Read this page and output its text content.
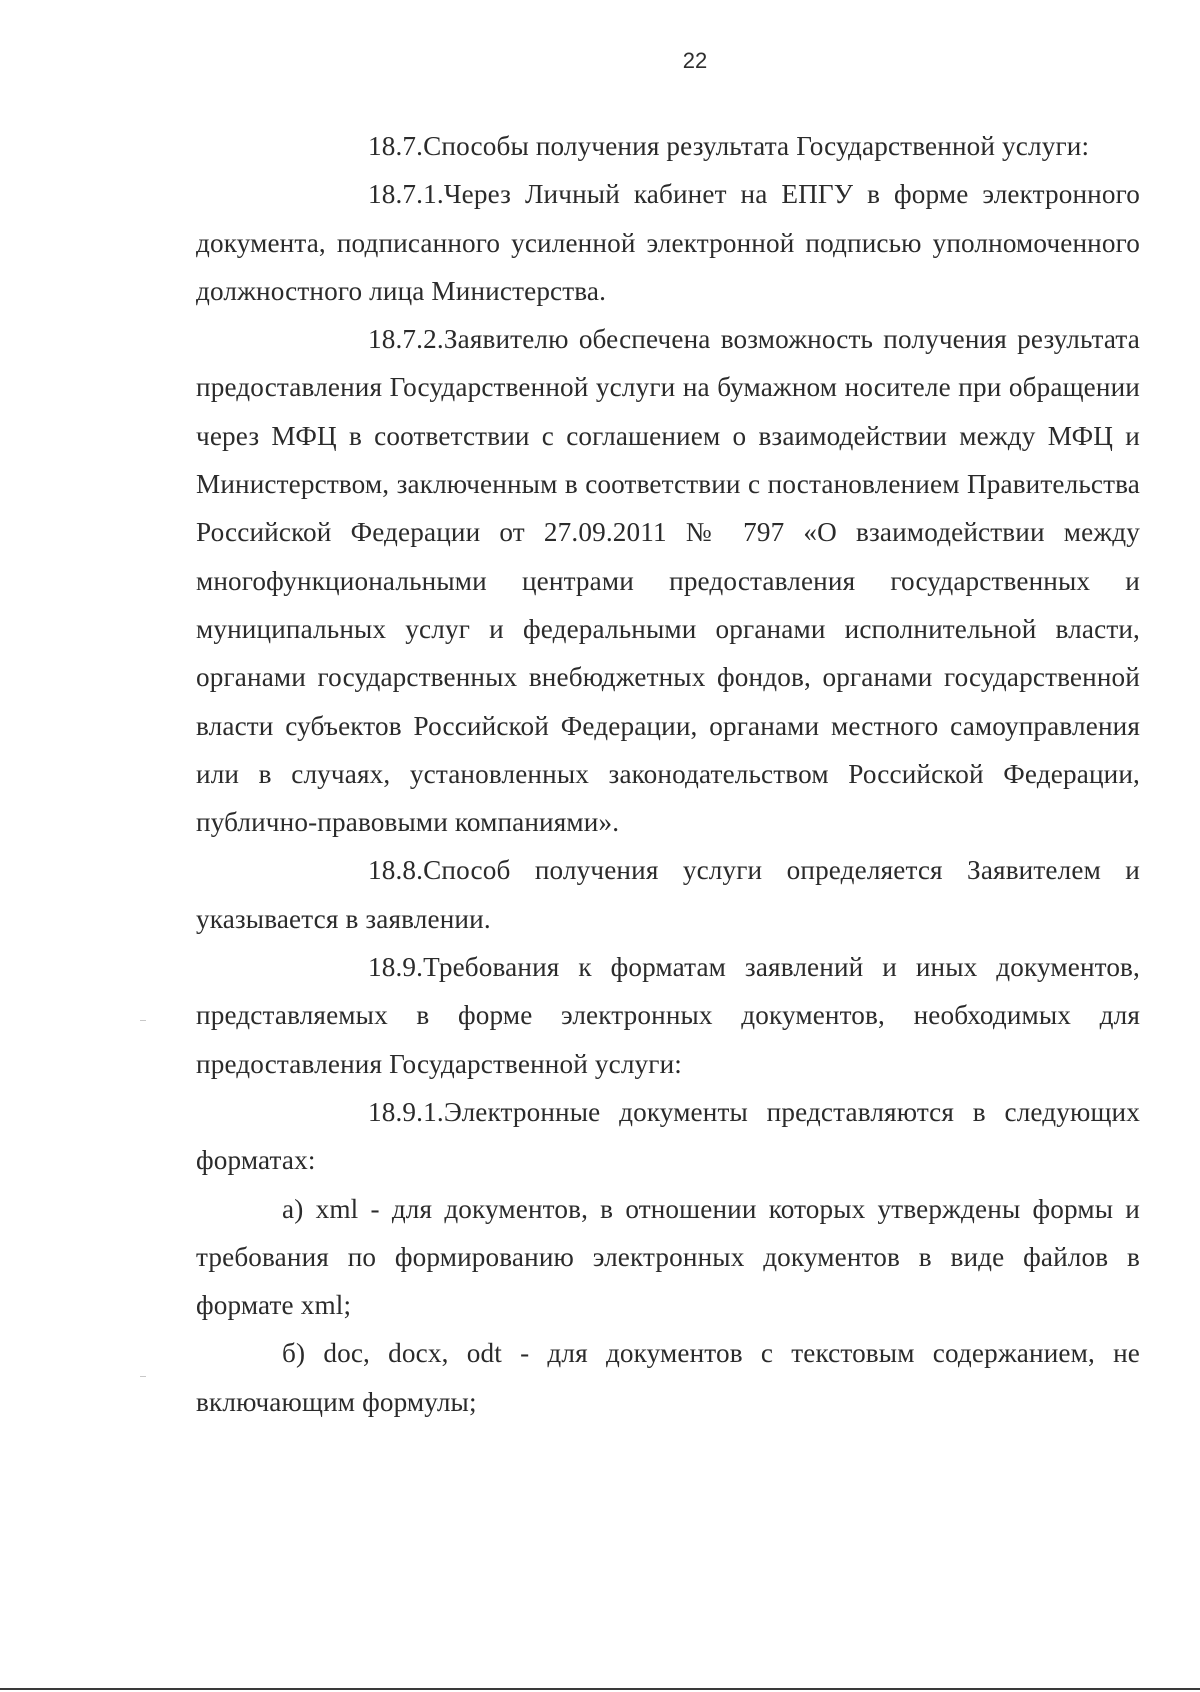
22

18.7.Способы получения результата Государственной услуги:

18.7.1.Через Личный кабинет на ЕПГУ в форме электронного документа, подписанного усиленной электронной подписью уполномоченного должностного лица Министерства.

18.7.2.Заявителю обеспечена возможность получения результата предоставления Государственной услуги на бумажном носителе при обращении через МФЦ в соответствии с соглашением о взаимодействии между МФЦ и Министерством, заключенным в соответствии с постановлением Правительства Российской Федерации от 27.09.2011 № 797 «О взаимодействии между многофункциональными центрами предоставления государственных и муниципальных услуг и федеральными органами исполнительной власти, органами государственных внебюджетных фондов, органами государственной власти субъектов Российской Федерации, органами местного самоуправления или в случаях, установленных законодательством Российской Федерации, публично-правовыми компаниями».

18.8.Способ получения услуги определяется Заявителем и указывается в заявлении.

18.9.Требования к форматам заявлений и иных документов, представляемых в форме электронных документов, необходимых для предоставления Государственной услуги:

18.9.1.Электронные документы представляются в следующих форматах:

а) xml - для документов, в отношении которых утверждены формы и требования по формированию электронных документов в виде файлов в формате xml;

б) doc, docx, odt - для документов с текстовым содержанием, не включающим формулы;
